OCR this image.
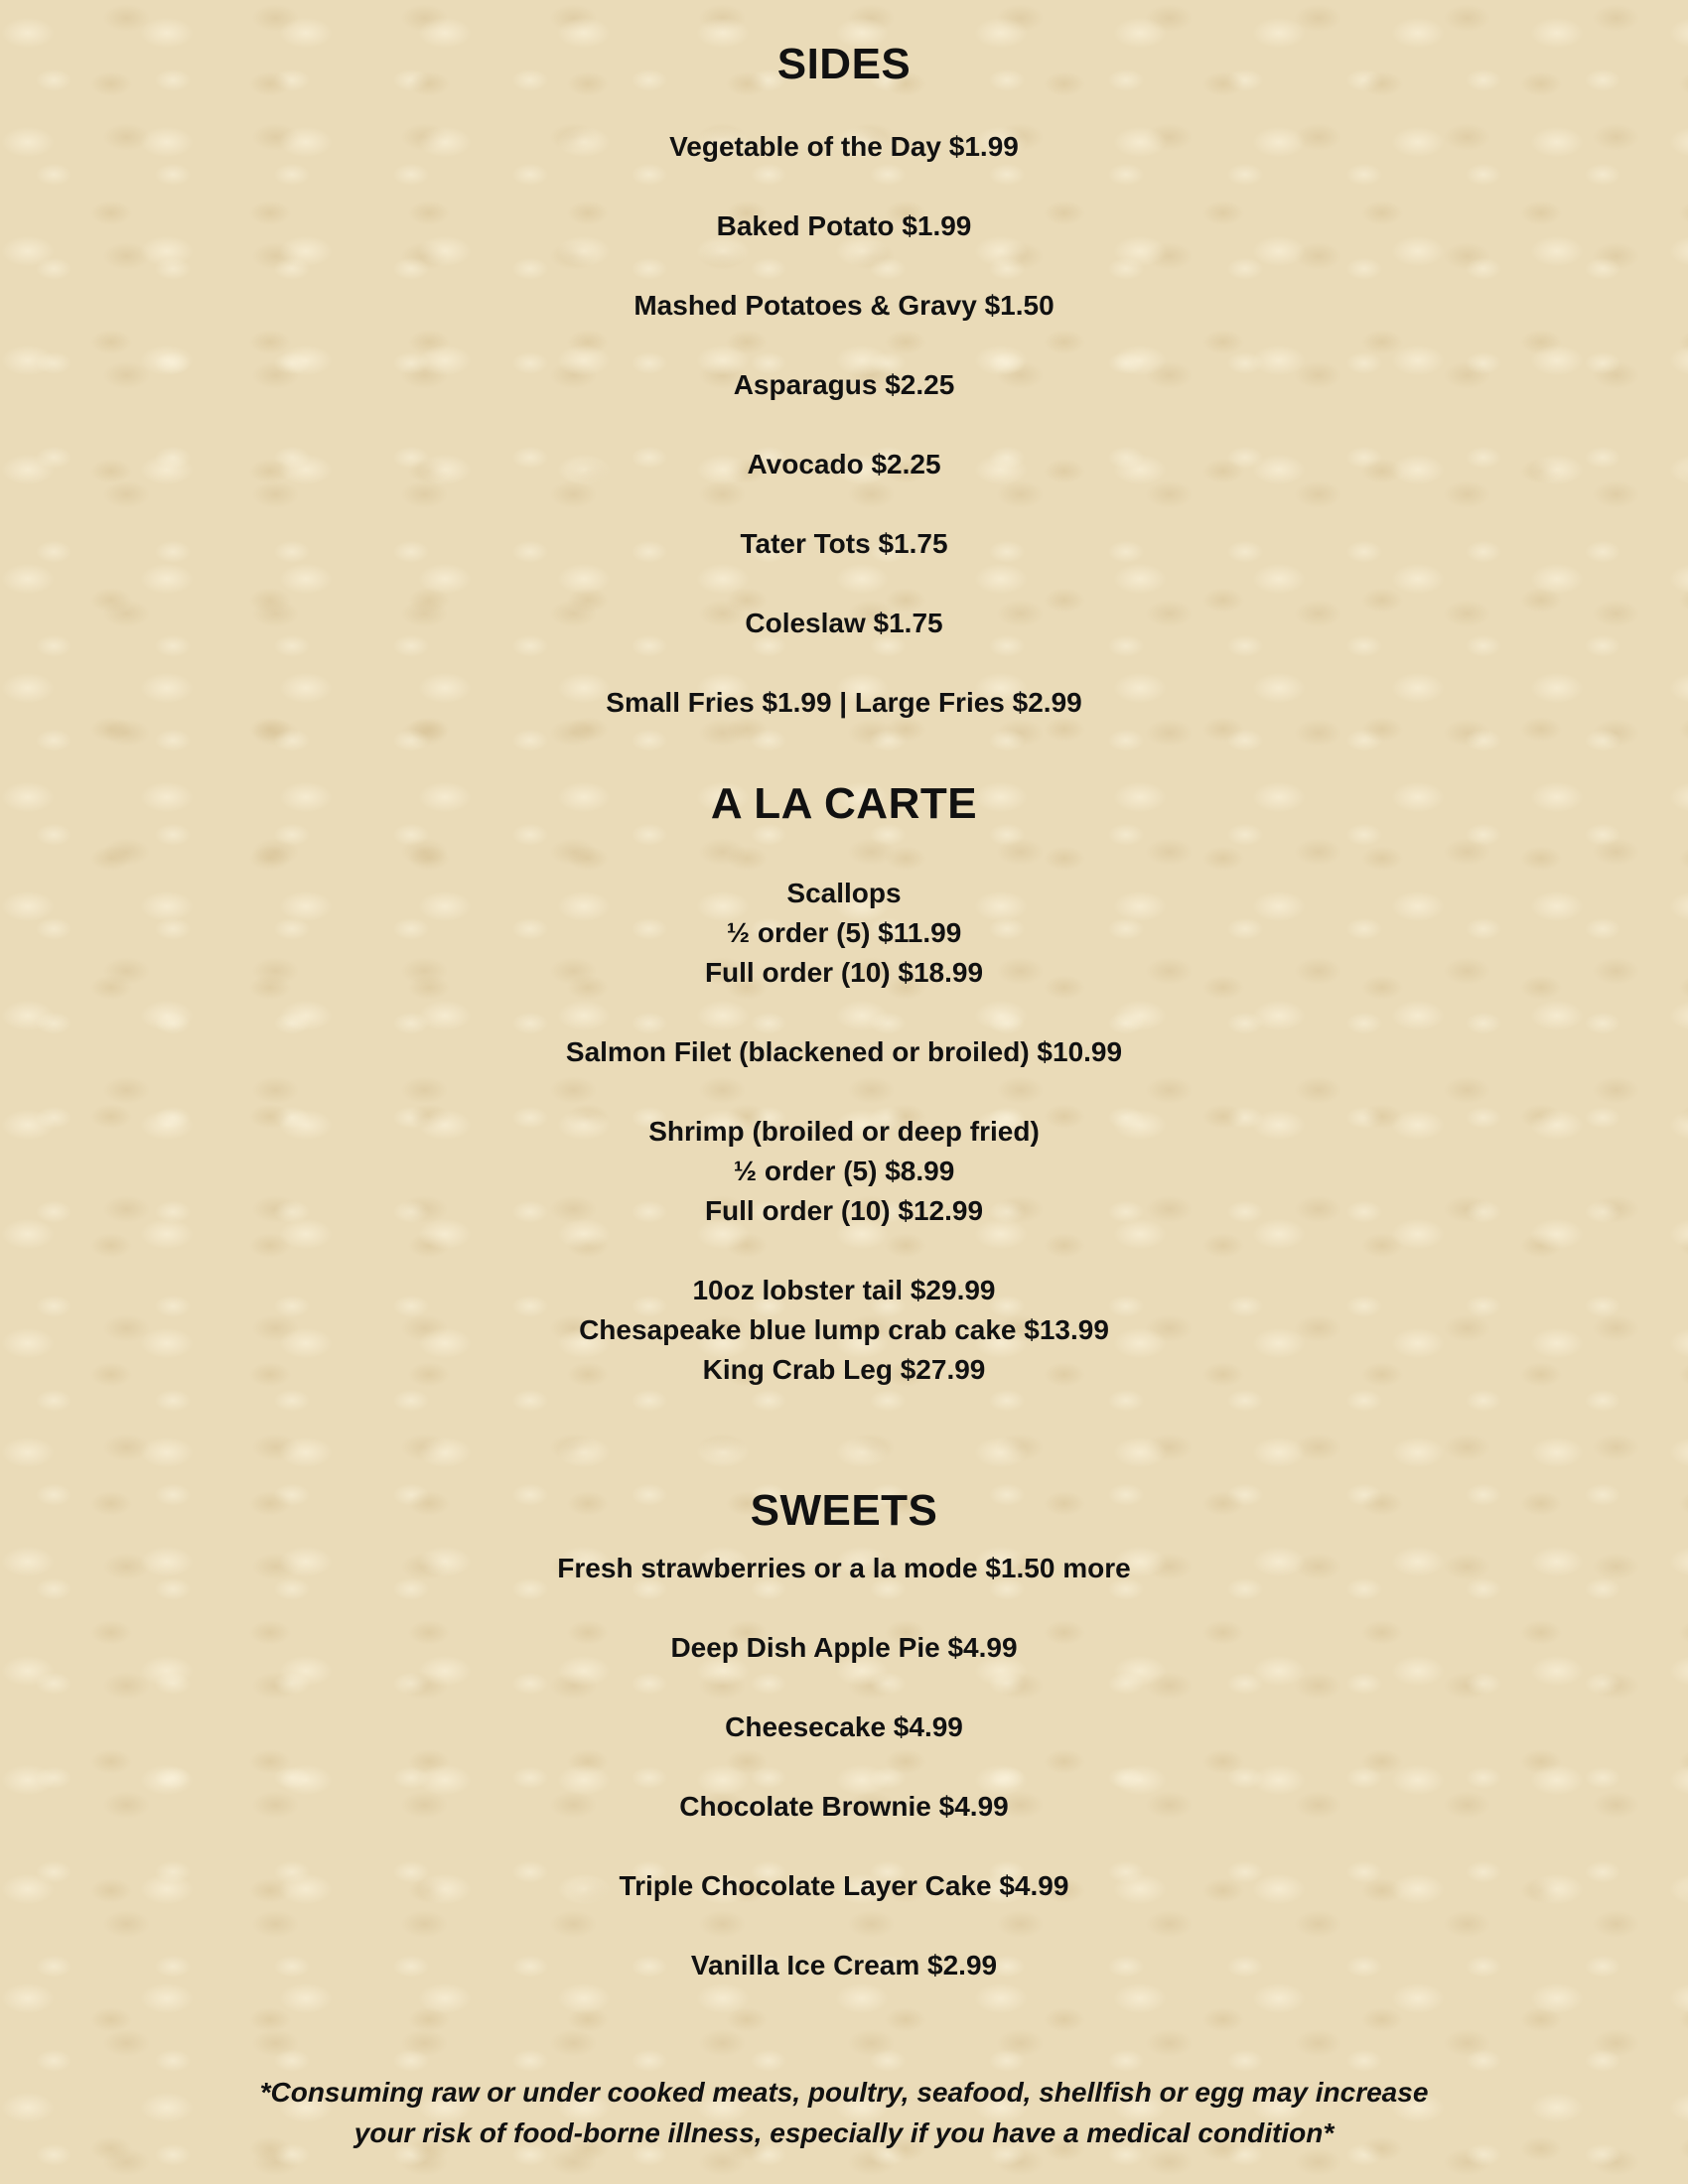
SIDES
Vegetable of the Day $1.99
Baked Potato $1.99
Mashed Potatoes & Gravy $1.50
Asparagus $2.25
Avocado $2.25
Tater Tots $1.75
Coleslaw $1.75
Small Fries $1.99 | Large Fries $2.99
A LA CARTE
Scallops
½ order (5) $11.99
Full order (10) $18.99
Salmon Filet (blackened or broiled) $10.99
Shrimp (broiled or deep fried)
½ order (5) $8.99
Full order (10) $12.99
10oz lobster tail $29.99
Chesapeake blue lump crab cake $13.99
King Crab Leg $27.99
SWEETS
Fresh strawberries or a la mode $1.50 more
Deep Dish Apple Pie $4.99
Cheesecake $4.99
Chocolate Brownie $4.99
Triple Chocolate Layer Cake $4.99
Vanilla Ice Cream $2.99
*Consuming raw or under cooked meats, poultry, seafood, shellfish or egg may increase
your risk of food-borne illness, especially if you have a medical condition*
